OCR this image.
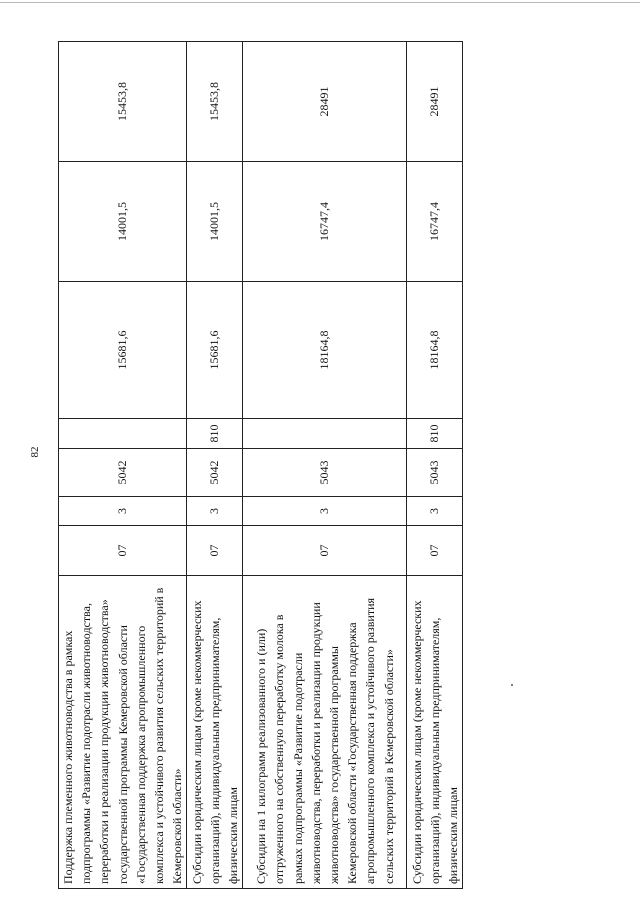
82
Поддержка племенного животноводства в рамках подпрограммы «Развитие подотрасли животноводства, переработки и реализации продукции животноводства» государственной программы Кемеровской области «Государственная поддержка агропромышленного комплекса и устойчивого развития сельских территорий в Кемеровской области»	07	3	5042		15681,6	14001,5	15453,8
Субсидии юридическим лицам (кроме некоммерческих организаций), индивидуальным предпринимателям, физическим лицам	07	3	5042	810	15681,6	14001,5	15453,8
Субсидии на 1 килограмм реализованного и (или) отгруженного на собственную переработку молока в рамках подпрограммы «Развитие подотрасли животноводства, переработки и реализации продукции животноводства» государственной программы Кемеровской области «Государственная поддержка агропромышленного комплекса и устойчивого развития сельских территорий в Кемеровской области»	07	3	5043		18164,8	16747,4	28491
Субсидии юридическим лицам (кроме некоммерческих организаций), индивидуальным предпринимателям, физическим лицам	07	3	5043	810	18164,8	16747,4	28491
